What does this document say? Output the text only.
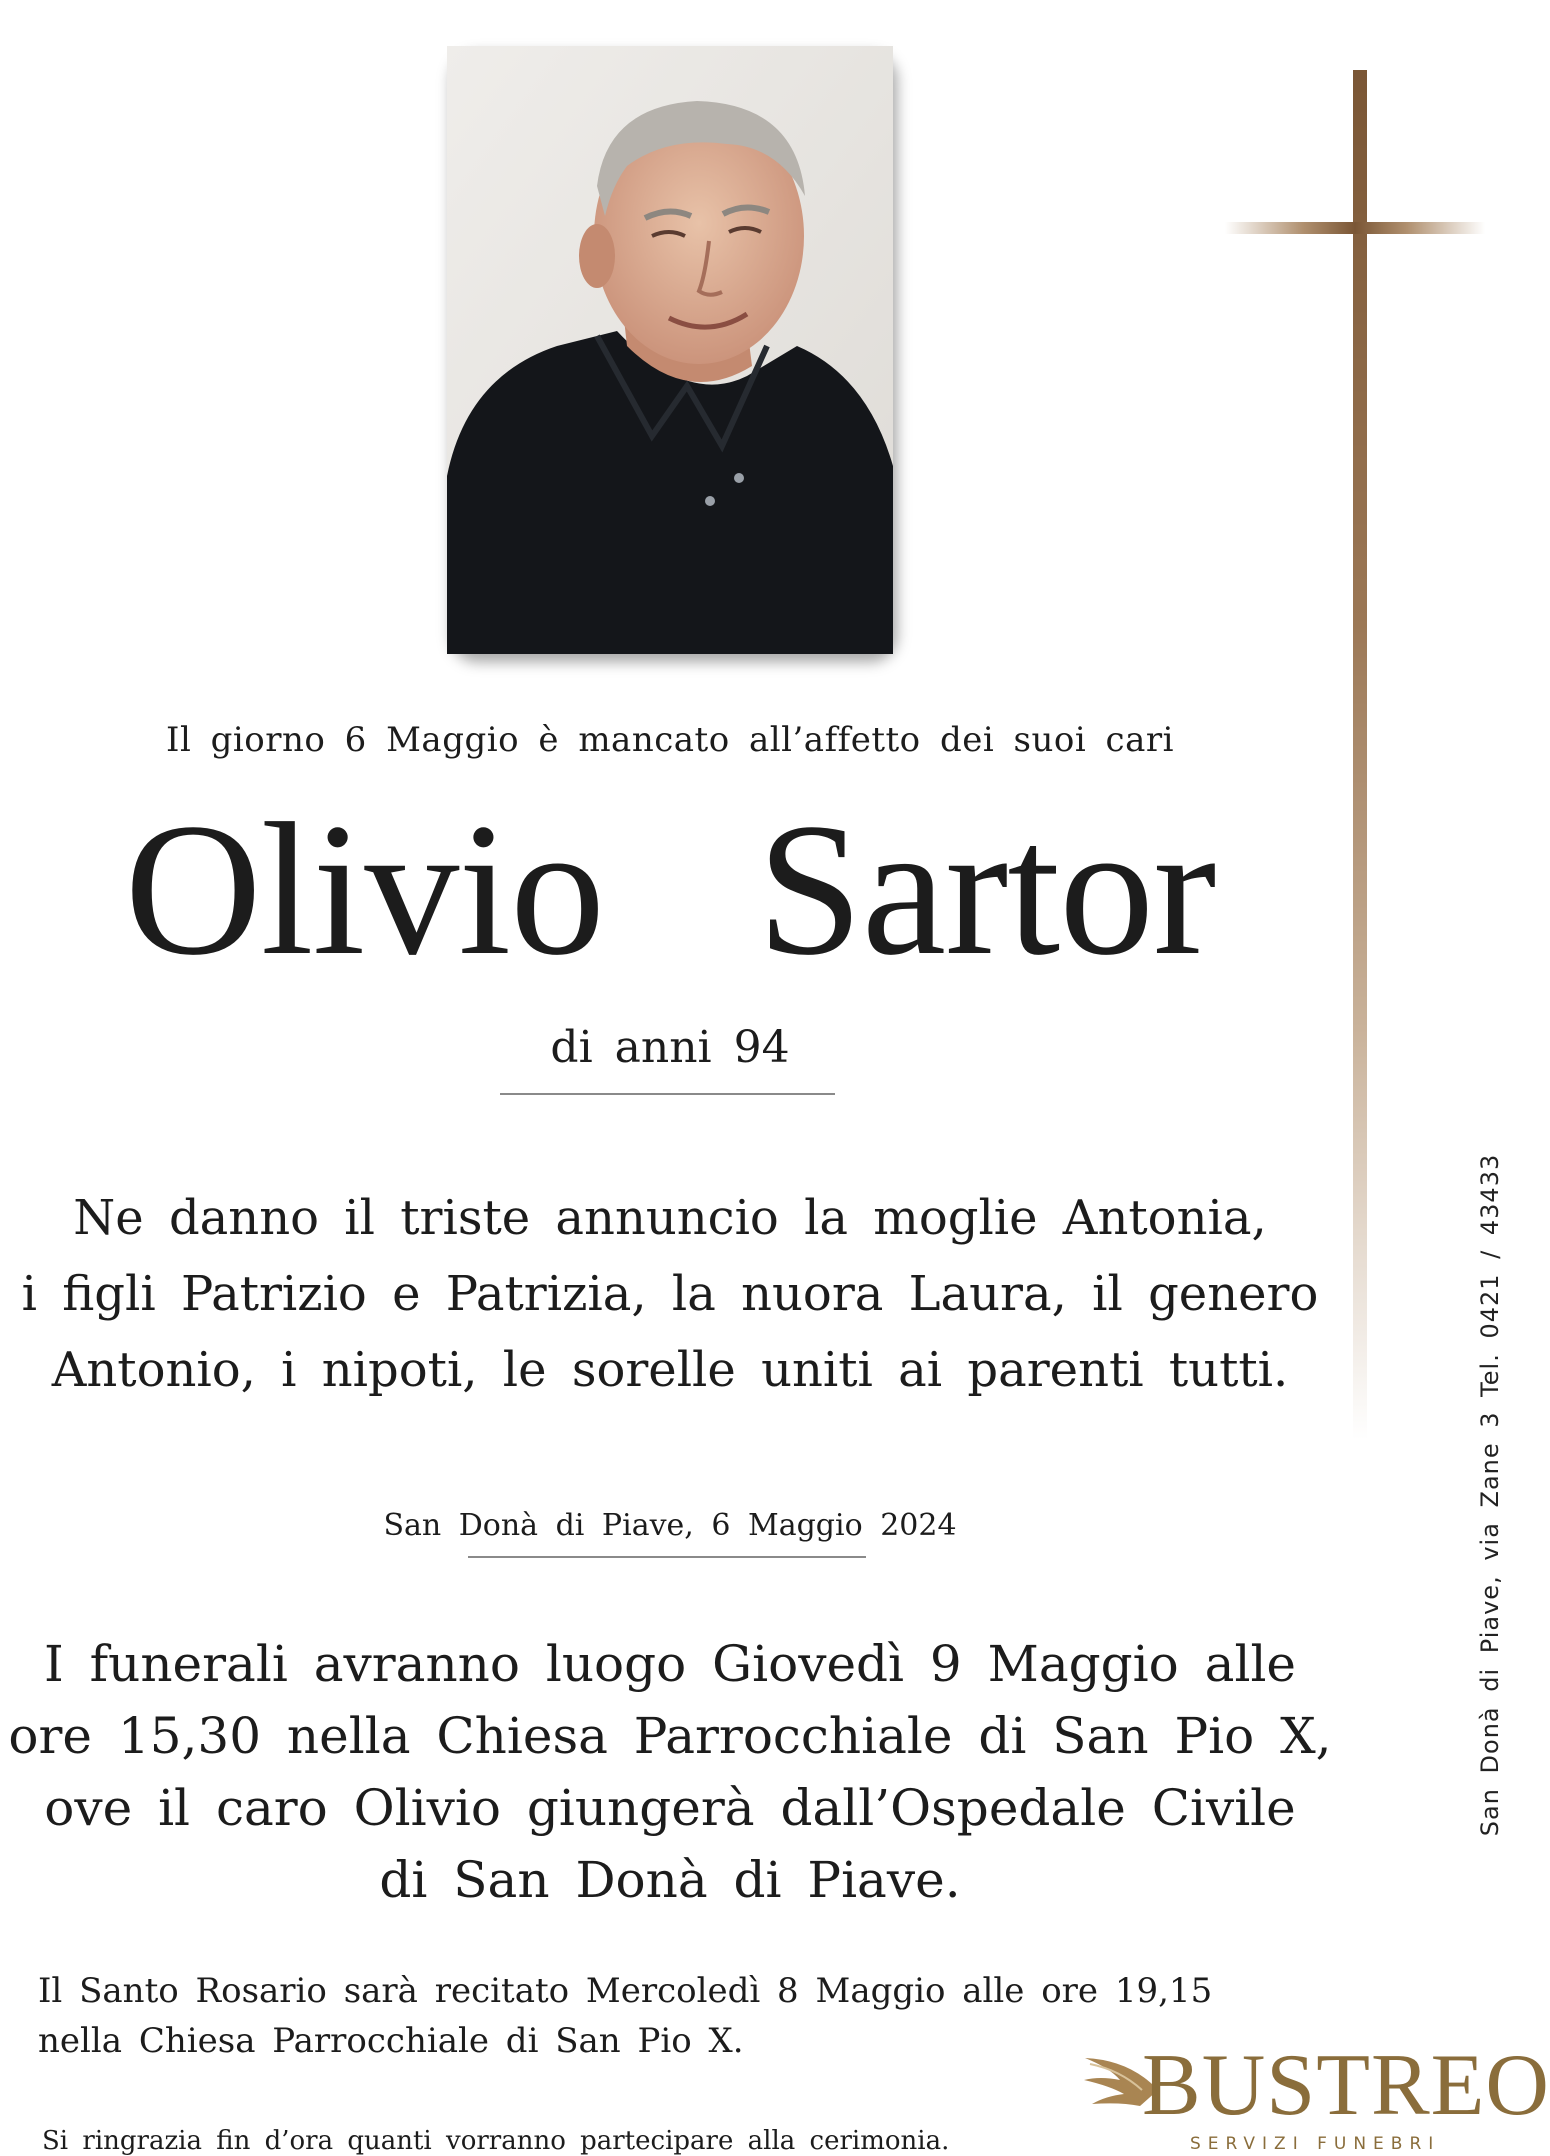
Il giorno 6 Maggio è mancato all’affetto dei suoi cari
Olivio  Sartor
di anni 94
Ne danno il triste annuncio la moglie Antonia,
i figli Patrizio e Patrizia, la nuora Laura, il genero
Antonio, i nipoti, le sorelle uniti ai parenti tutti.
San Donà di Piave, 6 Maggio 2024
I funerali avranno luogo Giovedì 9 Maggio alle
ore 15,30 nella Chiesa Parrocchiale di San Pio X,
ove il caro Olivio giungerà dall’Ospedale Civile
di San Donà di Piave.
Il Santo Rosario sarà recitato Mercoledì 8 Maggio alle ore 19,15
nella Chiesa Parrocchiale di San Pio X.
Si ringrazia fin d’ora quanti vorranno partecipare alla cerimonia.
San Donà di Piave, via Zane 3 Tel. 0421 / 43433
BUSTREO
SERVIZI FUNEBRI
